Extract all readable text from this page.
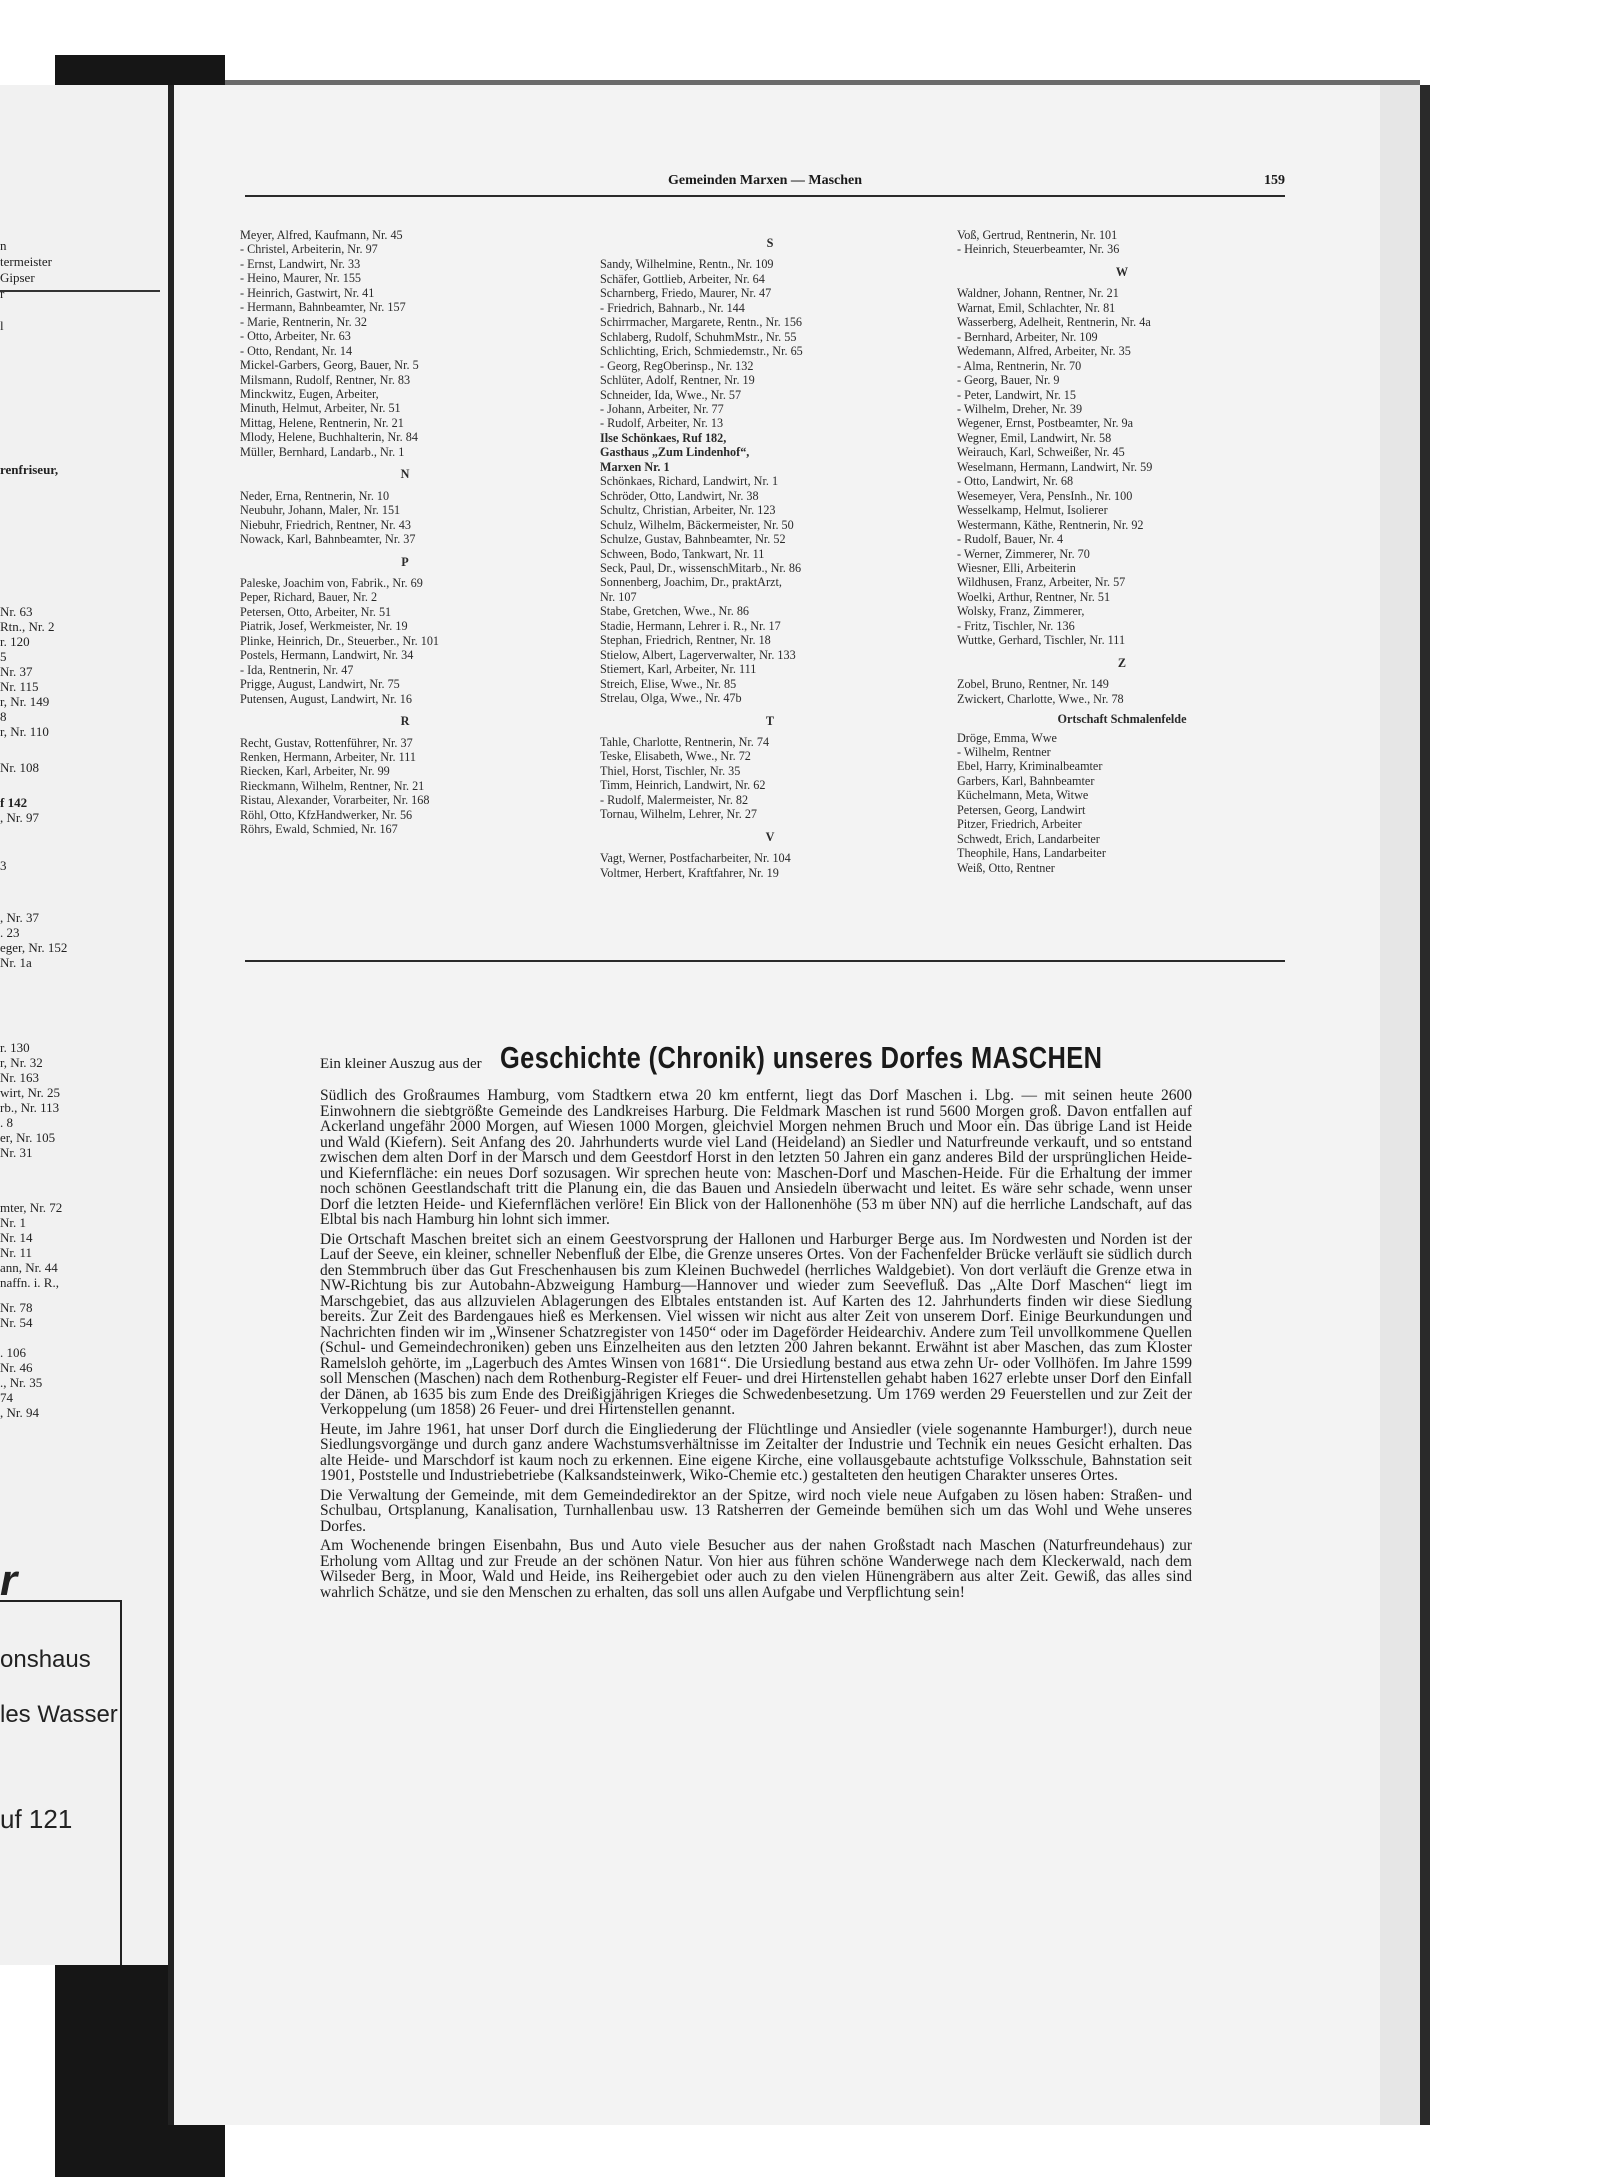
n
termeister
Gipser
r
l
renfriseur,
Nr. 63
Rtn., Nr. 2
r. 120
5
Nr. 37
Nr. 115
r, Nr. 149
8
r, Nr. 110
Nr. 108
f 142
, Nr. 97
3
, Nr. 37
. 23
eger, Nr. 152
Nr. 1a
r. 130
r, Nr. 32
Nr. 163
wirt, Nr. 25
rb., Nr. 113
. 8
er, Nr. 105
Nr. 31
mter, Nr. 72
Nr. 1
Nr. 14
Nr. 11
ann, Nr. 44
naffn. i. R.,
Nr. 78
Nr. 54
. 106
Nr. 46
., Nr. 35
74
, Nr. 94
r
onshaus
les Wasser
uf 121
Gemeinden Marxen — Maschen	159
Meyer, Alfred, Kaufmann, Nr. 45
- Christel, Arbeiterin, Nr. 97
- Ernst, Landwirt, Nr. 33
- Heino, Maurer, Nr. 155
- Heinrich, Gastwirt, Nr. 41
- Hermann, Bahnbeamter, Nr. 157
- Marie, Rentnerin, Nr. 32
- Otto, Arbeiter, Nr. 63
- Otto, Rendant, Nr. 14
Mickel-Garbers, Georg, Bauer, Nr. 5
Milsmann, Rudolf, Rentner, Nr. 83
Minckwitz, Eugen, Arbeiter,
Minuth, Helmut, Arbeiter, Nr. 51
Mittag, Helene, Rentnerin, Nr. 21
Mlody, Helene, Buchhalterin, Nr. 84
Müller, Bernhard, Landarb., Nr. 1
N
Neder, Erna, Rentnerin, Nr. 10
Neubuhr, Johann, Maler, Nr. 151
Niebuhr, Friedrich, Rentner, Nr. 43
Nowack, Karl, Bahnbeamter, Nr. 37
P
Paleske, Joachim von, Fabrik., Nr. 69
Peper, Richard, Bauer, Nr. 2
Petersen, Otto, Arbeiter, Nr. 51
Piatrik, Josef, Werkmeister, Nr. 19
Plinke, Heinrich, Dr., Steuerber., Nr. 101
Postels, Hermann, Landwirt, Nr. 34
- Ida, Rentnerin, Nr. 47
Prigge, August, Landwirt, Nr. 75
Putensen, August, Landwirt, Nr. 16
R
Recht, Gustav, Rottenführer, Nr. 37
Renken, Hermann, Arbeiter, Nr. 111
Riecken, Karl, Arbeiter, Nr. 99
Rieckmann, Wilhelm, Rentner, Nr. 21
Ristau, Alexander, Vorarbeiter, Nr. 168
Röhl, Otto, KfzHandwerker, Nr. 56
Röhrs, Ewald, Schmied, Nr. 167
S
Sandy, Wilhelmine, Rentn., Nr. 109
Schäfer, Gottlieb, Arbeiter, Nr. 64
Scharnberg, Friedo, Maurer, Nr. 47
- Friedrich, Bahnarb., Nr. 144
Schirrmacher, Margarete, Rentn., Nr. 156
Schlaberg, Rudolf, SchuhmMstr., Nr. 55
Schlichting, Erich, Schmiedemstr., Nr. 65
- Georg, RegOberinsp., Nr. 132
Schlüter, Adolf, Rentner, Nr. 19
Schneider, Ida, Wwe., Nr. 57
- Johann, Arbeiter, Nr. 77
- Rudolf, Arbeiter, Nr. 13
Ilse Schönkaes, Ruf 182,
Gasthaus „Zum Lindenhof“,
Marxen Nr. 1
Schönkaes, Richard, Landwirt, Nr. 1
Schröder, Otto, Landwirt, Nr. 38
Schultz, Christian, Arbeiter, Nr. 123
Schulz, Wilhelm, Bäckermeister, Nr. 50
Schulze, Gustav, Bahnbeamter, Nr. 52
Schween, Bodo, Tankwart, Nr. 11
Seck, Paul, Dr., wissenschMitarb., Nr. 86
Sonnenberg, Joachim, Dr., praktArzt,
Nr. 107
Stabe, Gretchen, Wwe., Nr. 86
Stadie, Hermann, Lehrer i. R., Nr. 17
Stephan, Friedrich, Rentner, Nr. 18
Stielow, Albert, Lagerverwalter, Nr. 133
Stiemert, Karl, Arbeiter, Nr. 111
Streich, Elise, Wwe., Nr. 85
Strelau, Olga, Wwe., Nr. 47b
T
Tahle, Charlotte, Rentnerin, Nr. 74
Teske, Elisabeth, Wwe., Nr. 72
Thiel, Horst, Tischler, Nr. 35
Timm, Heinrich, Landwirt, Nr. 62
- Rudolf, Malermeister, Nr. 82
Tornau, Wilhelm, Lehrer, Nr. 27
V
Vagt, Werner, Postfacharbeiter, Nr. 104
Voltmer, Herbert, Kraftfahrer, Nr. 19
Voß, Gertrud, Rentnerin, Nr. 101
- Heinrich, Steuerbeamter, Nr. 36
W
Waldner, Johann, Rentner, Nr. 21
Warnat, Emil, Schlachter, Nr. 81
Wasserberg, Adelheit, Rentnerin, Nr. 4a
- Bernhard, Arbeiter, Nr. 109
Wedemann, Alfred, Arbeiter, Nr. 35
- Alma, Rentnerin, Nr. 70
- Georg, Bauer, Nr. 9
- Peter, Landwirt, Nr. 15
- Wilhelm, Dreher, Nr. 39
Wegener, Ernst, Postbeamter, Nr. 9a
Wegner, Emil, Landwirt, Nr. 58
Weirauch, Karl, Schweißer, Nr. 45
Weselmann, Hermann, Landwirt, Nr. 59
- Otto, Landwirt, Nr. 68
Wesemeyer, Vera, PensInh., Nr. 100
Wesselkamp, Helmut, Isolierer
Westermann, Käthe, Rentnerin, Nr. 92
- Rudolf, Bauer, Nr. 4
- Werner, Zimmerer, Nr. 70
Wiesner, Elli, Arbeiterin
Wildhusen, Franz, Arbeiter, Nr. 57
Woelki, Arthur, Rentner, Nr. 51
Wolsky, Franz, Zimmerer,
- Fritz, Tischler, Nr. 136
Wuttke, Gerhard, Tischler, Nr. 111
Z
Zobel, Bruno, Rentner, Nr. 149
Zwickert, Charlotte, Wwe., Nr. 78
Ortschaft Schmalenfelde
Dröge, Emma, Wwe
- Wilhelm, Rentner
Ebel, Harry, Kriminalbeamter
Garbers, Karl, Bahnbeamter
Küchelmann, Meta, Witwe
Petersen, Georg, Landwirt
Pitzer, Friedrich, Arbeiter
Schwedt, Erich, Landarbeiter
Theophile, Hans, Landarbeiter
Weiß, Otto, Rentner
Ein kleiner Auszug aus der Geschichte (Chronik) unseres Dorfes MASCHEN

Südlich des Großraumes Hamburg, vom Stadtkern etwa 20 km entfernt, liegt das Dorf Maschen i. Lbg. — mit seinen heute 2600 Einwohnern die siebtgrößte Gemeinde des Landkreises Harburg. Die Feldmark Maschen ist rund 5600 Morgen groß. Davon entfallen auf Ackerland ungefähr 2000 Morgen, auf Wiesen 1000 Morgen, gleichviel Morgen nehmen Bruch und Moor ein. Das übrige Land ist Heide und Wald (Kiefern). Seit Anfang des 20. Jahrhunderts wurde viel Land (Heideland) an Siedler und Naturfreunde verkauft, und so entstand zwischen dem alten Dorf in der Marsch und dem Geestdorf Horst in den letzten 50 Jahren ein ganz anderes Bild der ursprünglichen Heide- und Kiefernfläche: ein neues Dorf sozusagen. Wir sprechen heute von: Maschen-Dorf und Maschen-Heide. Für die Erhaltung der immer noch schönen Geestlandschaft tritt die Planung ein, die das Bauen und Ansiedeln überwacht und leitet. Es wäre sehr schade, wenn unser Dorf die letzten Heide- und Kiefernflächen verlöre! Ein Blick von der Hallonenhöhe (53 m über NN) auf die herrliche Landschaft, auf das Elbtal bis nach Hamburg hin lohnt sich immer.

Die Ortschaft Maschen breitet sich an einem Geestvorsprung der Hallonen und Harburger Berge aus. Im Nordwesten und Norden ist der Lauf der Seeve, ein kleiner, schneller Nebenfluß der Elbe, die Grenze unseres Ortes. Von der Fachenfelder Brücke verläuft sie südlich durch den Stemmbruch über das Gut Freschenhausen bis zum Kleinen Buchwedel (herrliches Waldgebiet). Von dort verläuft die Grenze etwa in NW-Richtung bis zur Autobahn-Abzweigung Hamburg—Hannover und wieder zum Seevefluß. Das „Alte Dorf Maschen“ liegt im Marschgebiet, das aus allzuvielen Ablagerungen des Elbtales entstanden ist. Auf Karten des 12. Jahrhunderts finden wir diese Siedlung bereits. Zur Zeit des Bardengaues hieß es Merkensen. Viel wissen wir nicht aus alter Zeit von unserem Dorf. Einige Beurkundungen und Nachrichten finden wir im „Winsener Schatzregister von 1450“ oder im Dageförder Heidearchiv. Andere zum Teil unvollkommene Quellen (Schul- und Gemeindechroniken) geben uns Einzelheiten aus den letzten 200 Jahren bekannt. Erwähnt ist aber Maschen, das zum Kloster Ramelsloh gehörte, im „Lagerbuch des Amtes Winsen von 1681“. Die Ursiedlung bestand aus etwa zehn Ur- oder Vollhöfen. Im Jahre 1599 soll Menschen (Maschen) nach dem Rothenburg-Register elf Feuer- und drei Hirtenstellen gehabt haben 1627 erlebte unser Dorf den Einfall der Dänen, ab 1635 bis zum Ende des Dreißigjährigen Krieges die Schwedenbesetzung. Um 1769 werden 29 Feuerstellen und zur Zeit der Verkoppelung (um 1858) 26 Feuer- und drei Hirtenstellen genannt.

Heute, im Jahre 1961, hat unser Dorf durch die Eingliederung der Flüchtlinge und Ansiedler (viele sogenannte Hamburger!), durch neue Siedlungsvorgänge und durch ganz andere Wachstumsverhältnisse im Zeitalter der Industrie und Technik ein neues Gesicht erhalten. Das alte Heide- und Marschdorf ist kaum noch zu erkennen. Eine eigene Kirche, eine vollausgebaute achtstufige Volksschule, Bahnstation seit 1901, Poststelle und Industriebetriebe (Kalksandsteinwerk, Wiko-Chemie etc.) gestalteten den heutigen Charakter unseres Ortes.

Die Verwaltung der Gemeinde, mit dem Gemeindedirektor an der Spitze, wird noch viele neue Aufgaben zu lösen haben: Straßen- und Schulbau, Ortsplanung, Kanalisation, Turnhallenbau usw. 13 Ratsherren der Gemeinde bemühen sich um das Wohl und Wehe unseres Dorfes.

Am Wochenende bringen Eisenbahn, Bus und Auto viele Besucher aus der nahen Großstadt nach Maschen (Naturfreundehaus) zur Erholung vom Alltag und zur Freude an der schönen Natur. Von hier aus führen schöne Wanderwege nach dem Kleckerwald, nach dem Wilseder Berg, in Moor, Wald und Heide, ins Reihergebiet oder auch zu den vielen Hünengräbern aus alter Zeit. Gewiß, das alles sind wahrlich Schätze, und sie den Menschen zu erhalten, das soll uns allen Aufgabe und Verpflichtung sein!
